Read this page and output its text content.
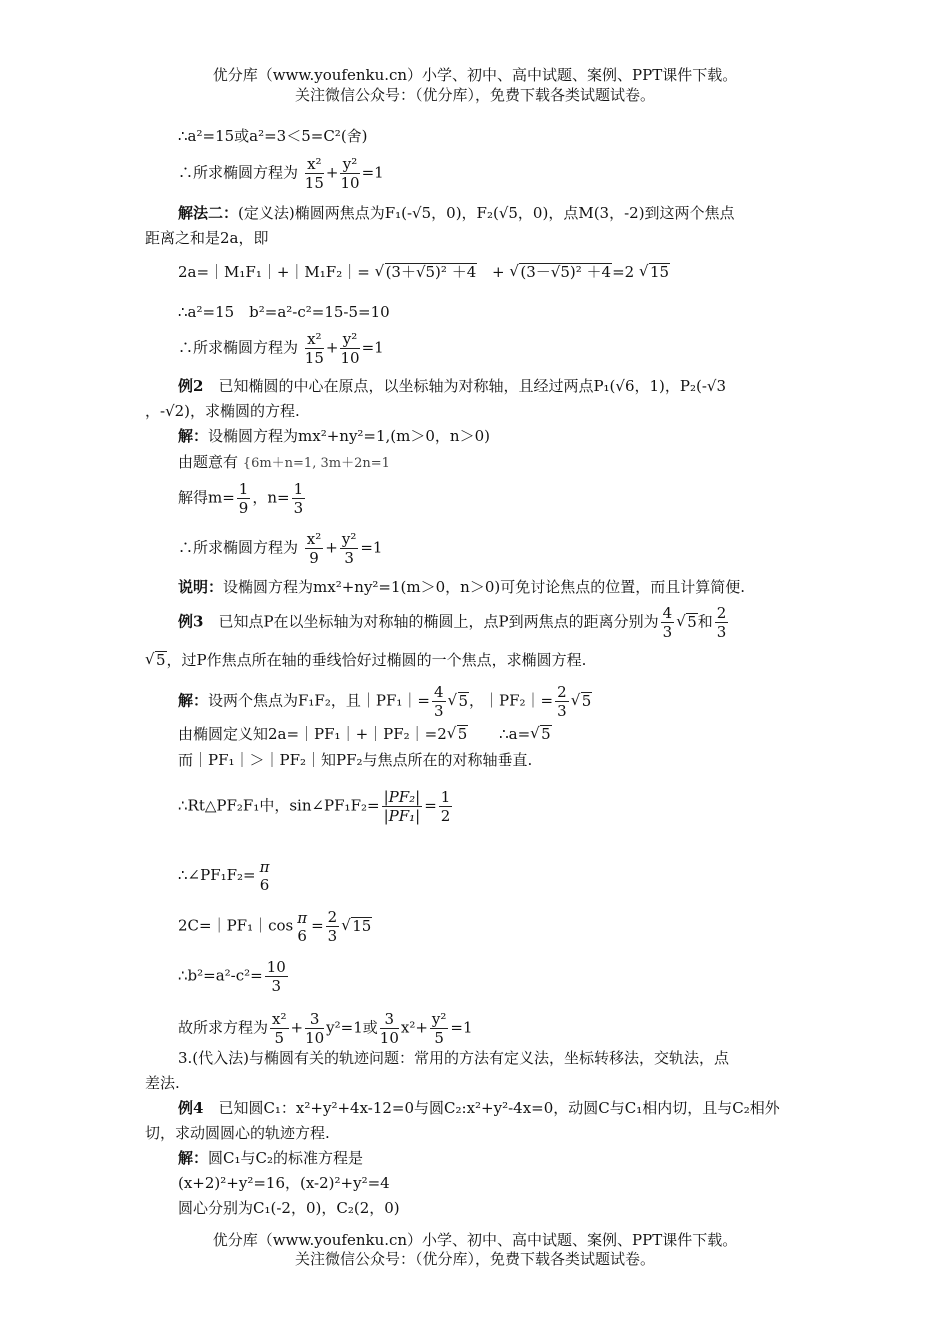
优分库（www.youfenku.cn）小学、初中、高中试题、案例、PPT课件下载。
关注微信公众号：（优分库），免费下载各类试题试卷。
∴a²=15或a²=3＜5=C²(舍)
∴所求椭圆方程为 $\frac{\text{x²}}{15} + \frac{\text{y²}}{10} =1$
解法二：(定义法)椭圆两焦点为F₁(-√5，0)，F₂(√5，0)，点M(3，-2)到这两个焦点
距离之和是2a，即
2a=｜M₁F₁｜+｜M₁F₂｜= √ (3＋√5)² ＋4 + √ (3－√5)² ＋4=2 √ 15
∴a²=15　b²=a²-c²=15-5=10
∴所求椭圆方程为 $\frac{\text{x²}}{15} + \frac{\text{y²}}{10} =1$
例2　已知椭圆的中心在原点，以坐标轴为对称轴，且经过两点P₁(√6，1)，P₂(-√3
，-√2)，求椭圆的方程.
解：设椭圆方程为mx²+ny²=1,(m＞0，n＞0)
由题意有 {6m＋n=1, 3m＋2n=1
解得$m= \frac{1}{9}$ ，$n= \frac{1}{3}$
∴所求椭圆方程为 $\frac{\text{x²}}{9} + \frac{\text{y²}}{3} =1$
说明：设椭圆方程为mx²+ny²=1(m＞0，n＞0)可免讨论焦点的位置，而且计算简便.
例3　已知点P在以坐标轴为对称轴的椭圆上，点P到两焦点的距离分别为 $\frac{4}{3}$ √ 5和 $\frac{2}{3}$
√ 5，过P作焦点所在轴的垂线恰好过椭圆的一个焦点，求椭圆方程.
解：设两个焦点为F₁F₂，且｜PF₁｜= $\frac{4}{3}$ √ 5，｜PF₂｜= $\frac{2}{3}$ √ 5
由椭圆定义知2a=｜PF₁｜+｜PF₂｜=2 √ 5 ∴a= √ 5
而｜PF₁｜＞｜PF₂｜知PF₂与焦点所在的对称轴垂直.
∴Rt△PF₂F₁中，sin∠PF₁F₂= $\frac{\text{|PF₂|}}{\text{|PF₁|}} = \frac{1}{2}$
∴∠PF₁F₂= π
6
2C=｜PF₁｜cos π
6
= $\frac{2}{3}$ √ 15
∴b²=a²-c²= $\frac{10}{3}$
故所求方程为 $\frac{\text{x²}}{5} + \frac{3}{10} y^2=1$或 $\frac{3}{10} x^2+ \frac{\text{y²}}{5} =1$
3.(代入法)与椭圆有关的轨迹问题：常用的方法有定义法，坐标转移法，交轨法，点
差法.
例4　已知圆C₁：x²+y²+4x-12=0与圆C₂:x²+y²-4x=0，动圆C与C₁相内切，且与C₂相外
切，求动圆圆心的轨迹方程.
解：圆C₁与C₂的标准方程是
(x+2)²+y²=16，(x-2)²+y²=4
圆心分别为C₁(-2，0)，C₂(2，0)
优分库（www.youfenku.cn）小学、初中、高中试题、案例、PPT课件下载。
关注微信公众号：（优分库），免费下载各类试题试卷。
